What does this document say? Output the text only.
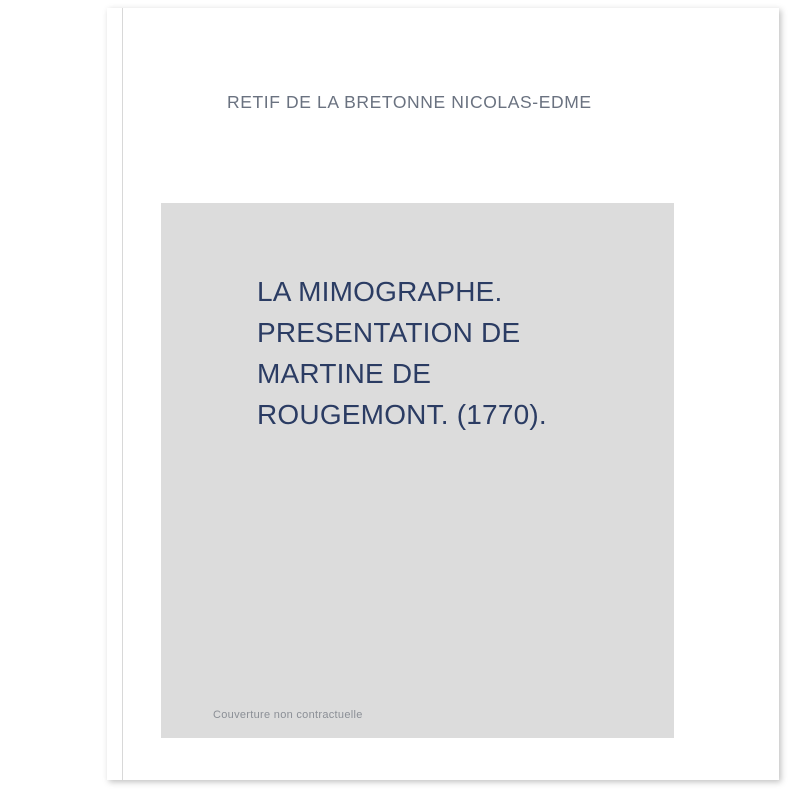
RETIF DE LA BRETONNE NICOLAS-EDME
LA MIMOGRAPHE.
PRESENTATION DE
MARTINE DE
ROUGEMONT. (1770).
Couverture non contractuelle
